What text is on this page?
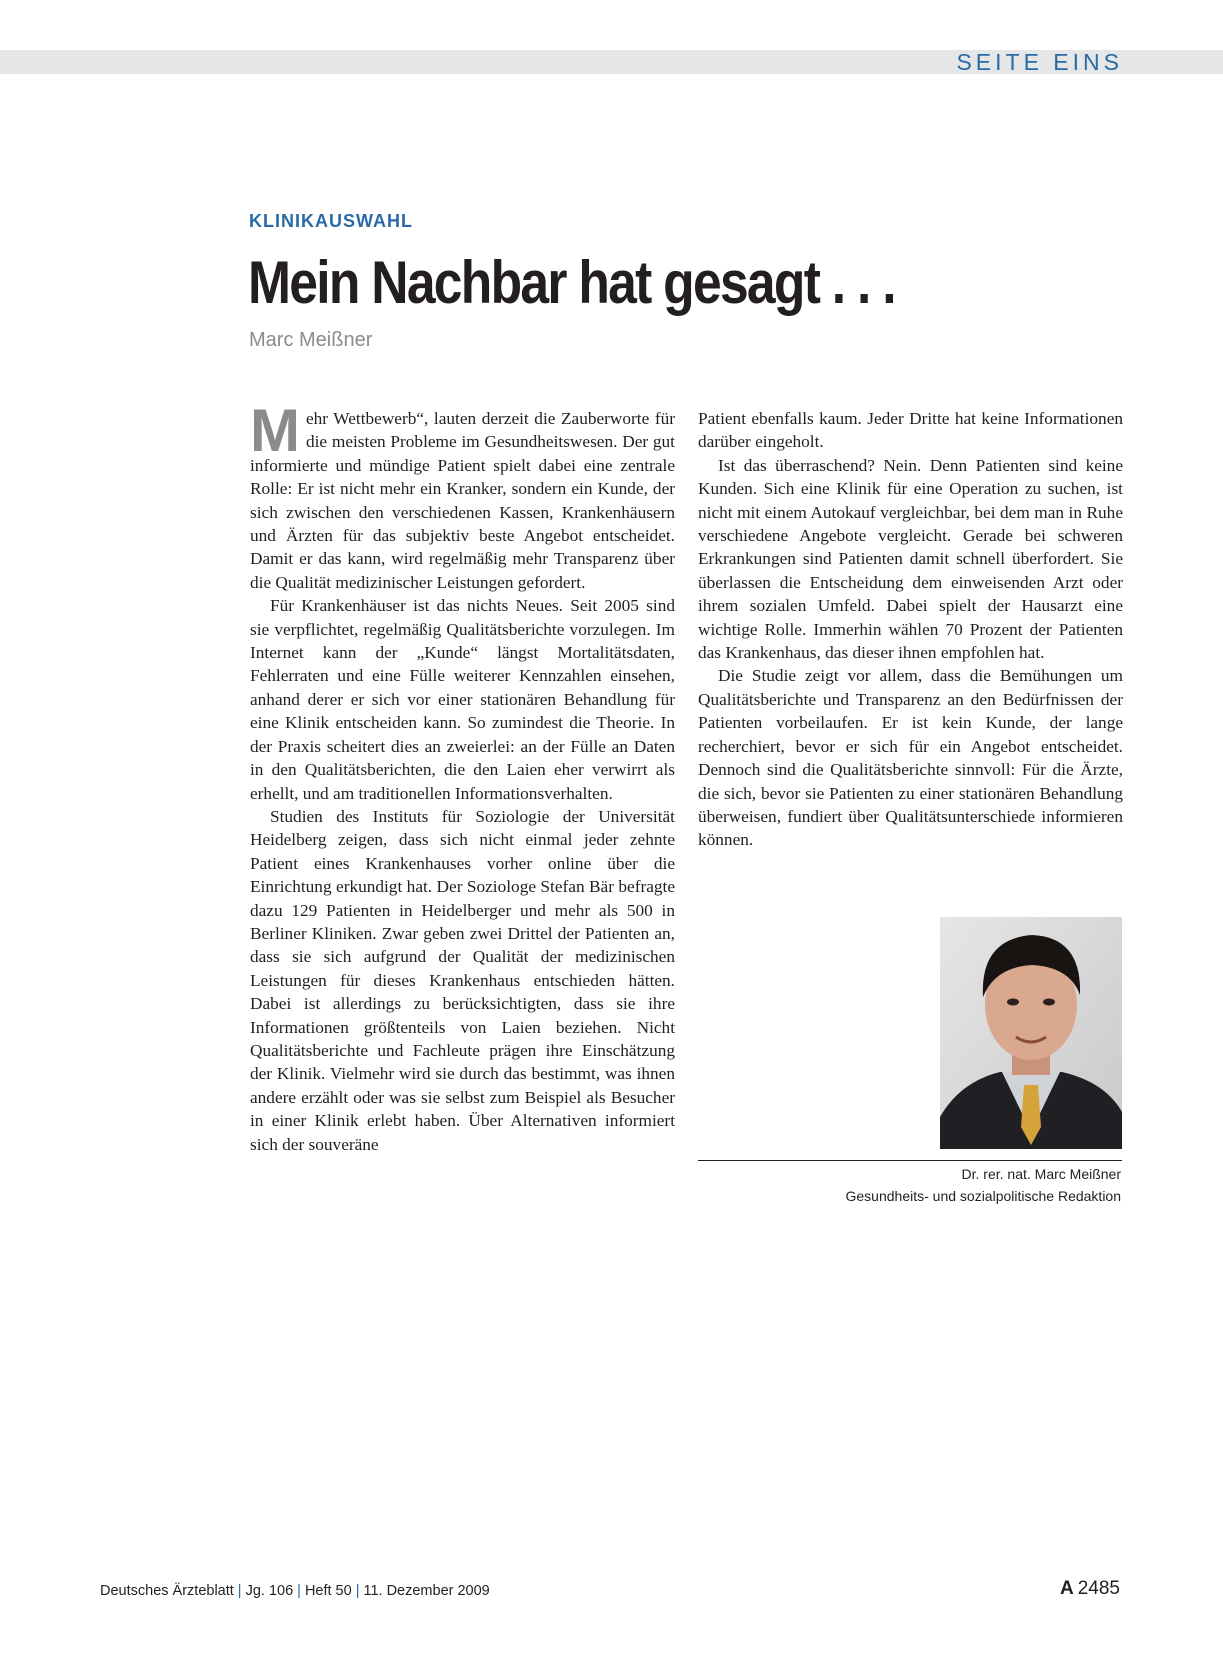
SEITE EINS
KLINIKAUSWAHL
Mein Nachbar hat gesagt . . .
Marc Meißner

Mehr Wettbewerb“, lauten derzeit die Zauberworte für die meisten Probleme im Gesundheitswesen. Der gut informierte und mündige Patient spielt dabei eine zentrale Rolle: Er ist nicht mehr ein Kranker, sondern ein Kunde, der sich zwischen den verschiedenen Kassen, Krankenhäusern und Ärzten für das subjektiv beste Angebot entscheidet. Damit er das kann, wird regelmäßig mehr Transparenz über die Qualität medizinischer Leistungen gefordert.

Für Krankenhäuser ist das nichts Neues. Seit 2005 sind sie verpflichtet, regelmäßig Qualitätsberichte vorzulegen. Im Internet kann der „Kunde“ längst Mortalitätsdaten, Fehlerraten und eine Fülle weiterer Kennzahlen einsehen, anhand derer er sich vor einer stationären Behandlung für eine Klinik entscheiden kann. So zumindest die Theorie. In der Praxis scheitert dies an zweierlei: an der Fülle an Daten in den Qualitätsberichten, die den Laien eher verwirrt als erhellt, und am traditionellen Informationsverhalten.

Studien des Instituts für Soziologie der Universität Heidelberg zeigen, dass sich nicht einmal jeder zehnte Patient eines Krankenhauses vorher online über die Einrichtung erkundigt hat. Der Soziologe Stefan Bär befragte dazu 129 Patienten in Heidelberger und mehr als 500 in Berliner Kliniken. Zwar geben zwei Drittel der Patienten an, dass sie sich aufgrund der Qualität der medizinischen Leistungen für dieses Krankenhaus entschieden hätten. Dabei ist allerdings zu berücksichtigten, dass sie ihre Informationen größtenteils von Laien beziehen. Nicht Qualitätsberichte und Fachleute prägen ihre Einschätzung der Klinik. Vielmehr wird sie durch das bestimmt, was ihnen andere erzählt oder was sie selbst zum Beispiel als Besucher in einer Klinik erlebt haben. Über Alternativen informiert sich der souveräne

Patient ebenfalls kaum. Jeder Dritte hat keine Informationen darüber eingeholt.

Ist das überraschend? Nein. Denn Patienten sind keine Kunden. Sich eine Klinik für eine Operation zu suchen, ist nicht mit einem Autokauf vergleichbar, bei dem man in Ruhe verschiedene Angebote vergleicht. Gerade bei schweren Erkrankungen sind Patienten damit schnell überfordert. Sie überlassen die Entscheidung dem einweisenden Arzt oder ihrem sozialen Umfeld. Dabei spielt der Hausarzt eine wichtige Rolle. Immerhin wählen 70 Prozent der Patienten das Krankenhaus, das dieser ihnen empfohlen hat.

Die Studie zeigt vor allem, dass die Bemühungen um Qualitätsberichte und Transparenz an den Bedürfnissen der Patienten vorbeilaufen. Er ist kein Kunde, der lange recherchiert, bevor er sich für ein Angebot entscheidet. Dennoch sind die Qualitätsberichte sinnvoll: Für die Ärzte, die sich, bevor sie Patienten zu einer stationären Behandlung überweisen, fundiert über Qualitätsunterschiede informieren können.

Dr. rer. nat. Marc Meißner
Gesundheits- und sozialpolitische Redaktion
Deutsches Ärzteblatt | Jg. 106 | Heft 50 | 11. Dezember 2009	A 2485
